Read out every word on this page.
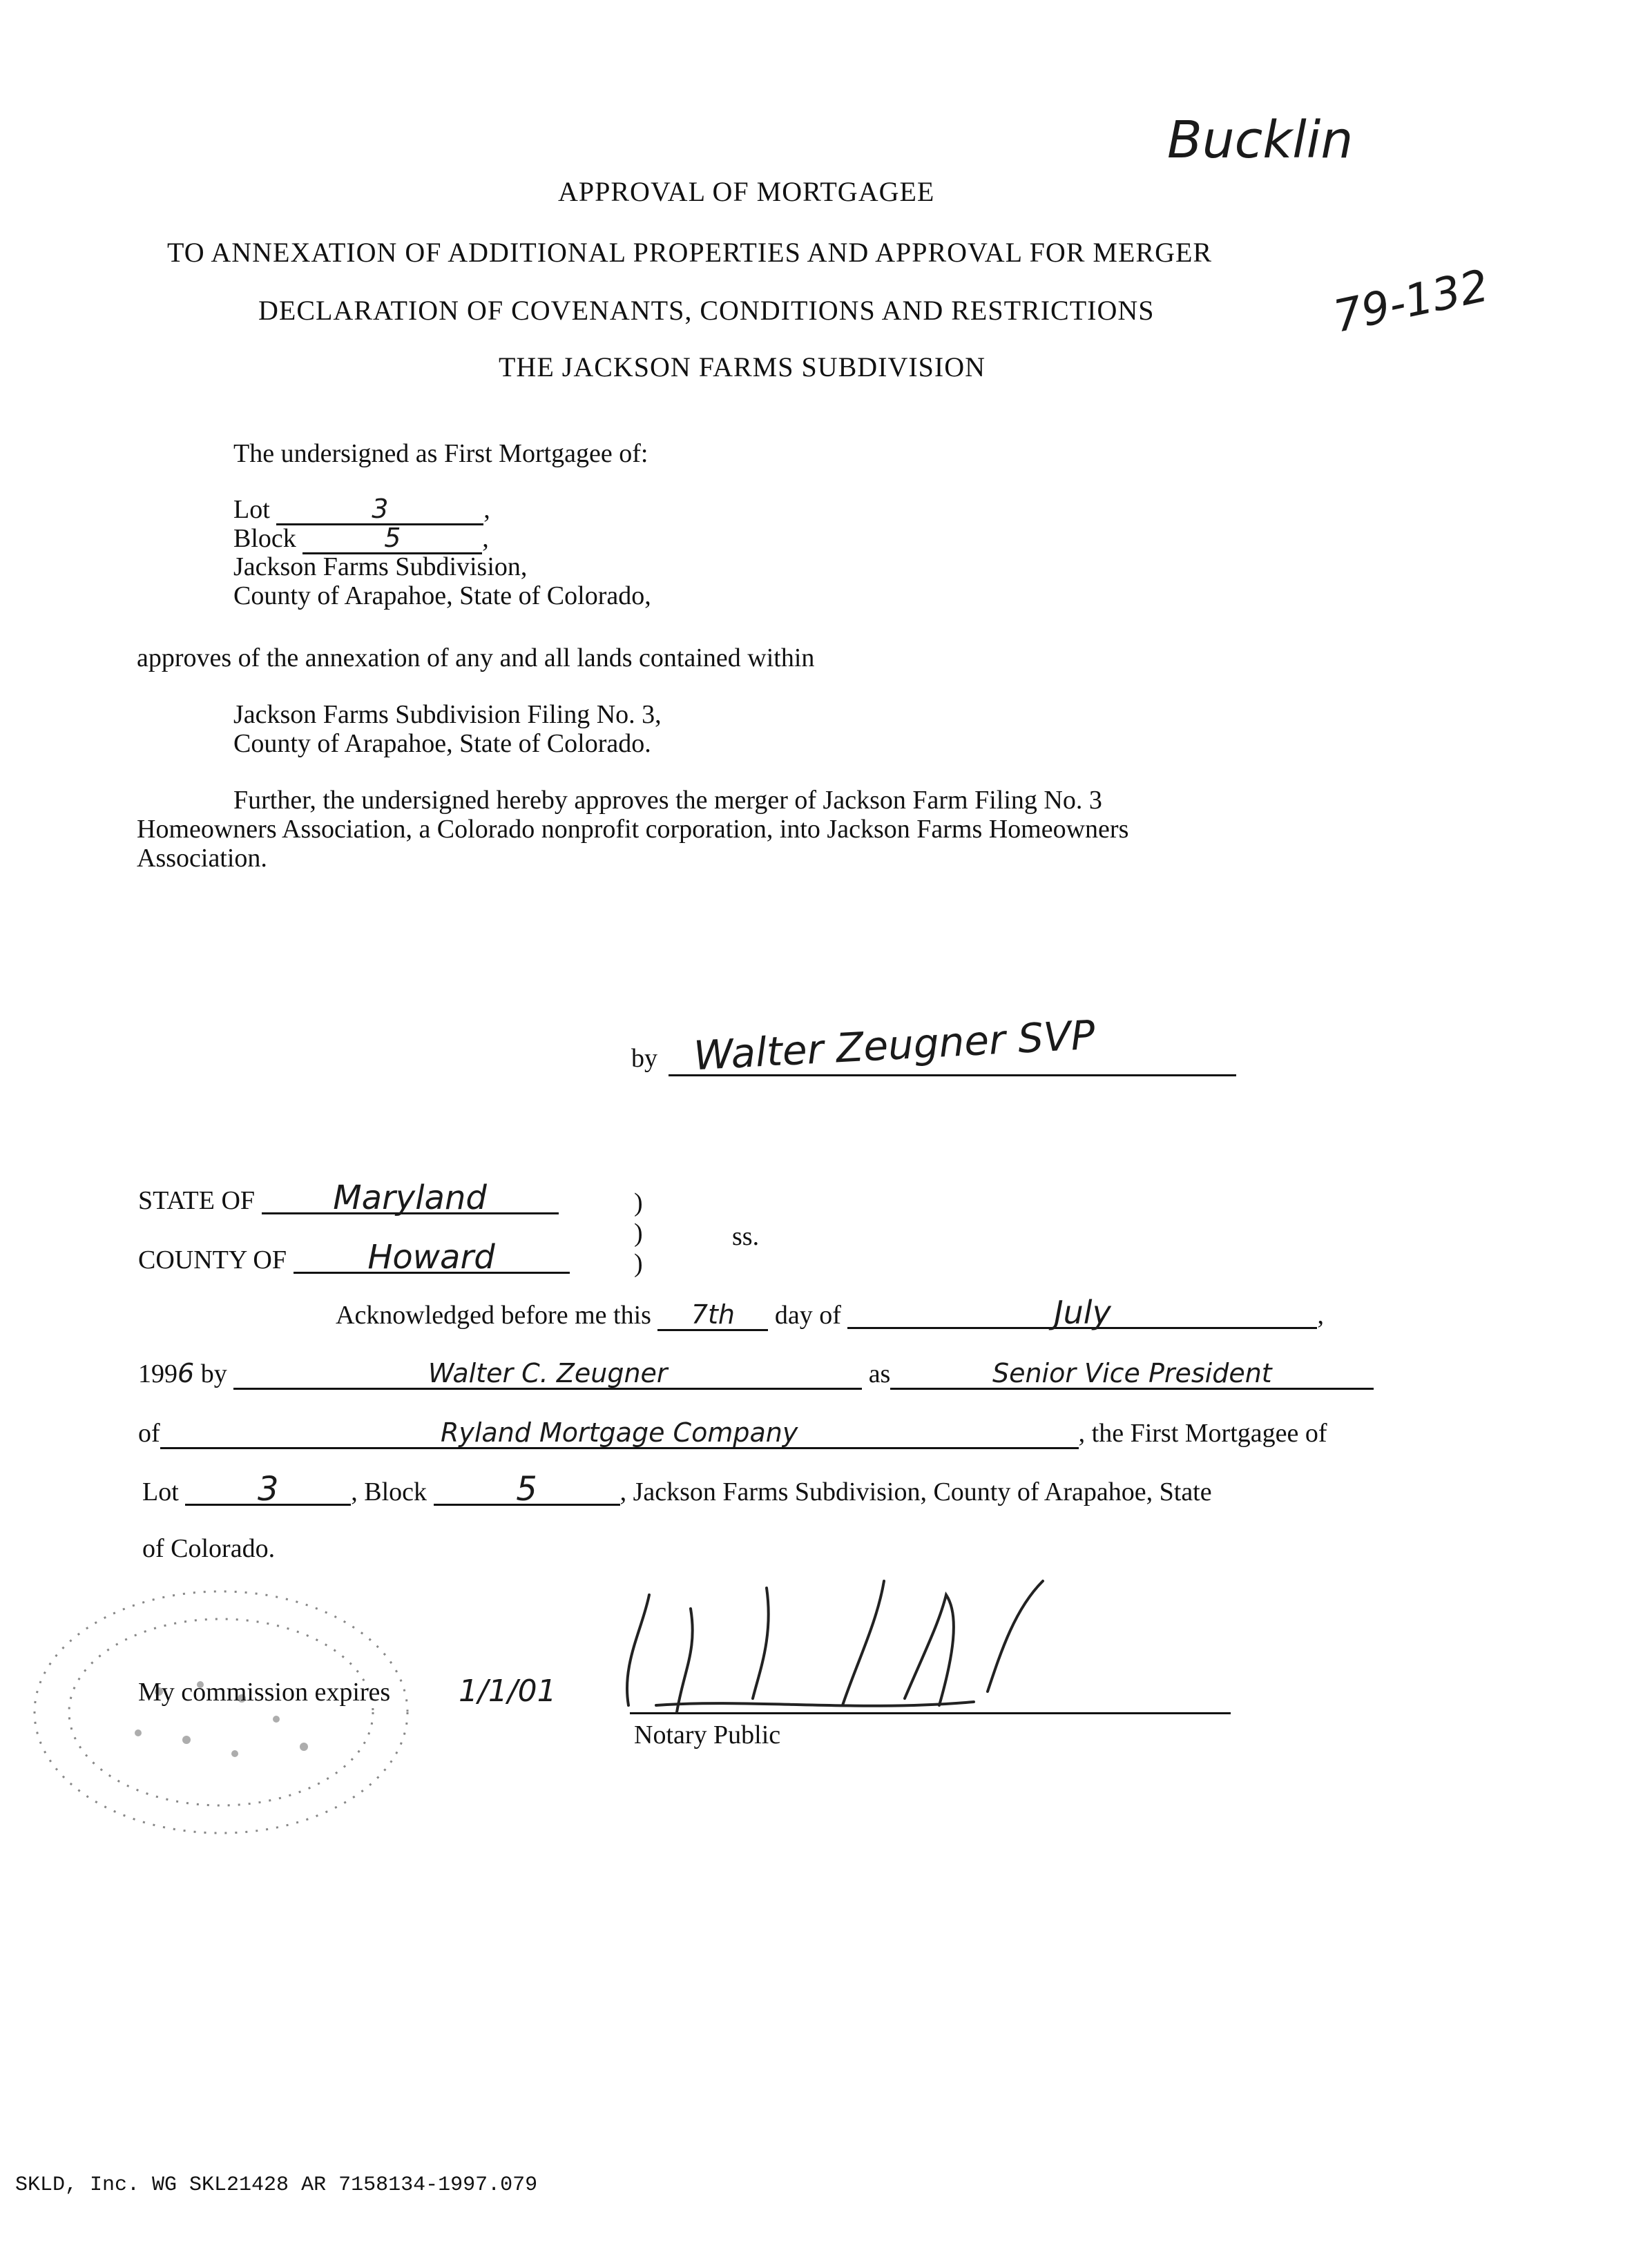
Bucklin
79-132
APPROVAL OF MORTGAGEE
TO ANNEXATION OF ADDITIONAL PROPERTIES AND APPROVAL FOR MERGER
DECLARATION OF COVENANTS, CONDITIONS AND RESTRICTIONS
THE JACKSON FARMS SUBDIVISION
The undersigned as First Mortgagee of:
Lot	3	,
Block	5	,
Jackson Farms Subdivision,
County of Arapahoe, State of Colorado,
approves of the annexation of any and all lands contained within
Jackson Farms Subdivision Filing No. 3,
County of Arapahoe, State of Colorado.
Further, the undersigned hereby approves the merger of Jackson Farm Filing No. 3
Homeowners Association, a Colorado nonprofit corporation, into Jackson Farms Homeowners
Association.
by Walter Zeugner SVP
STATE OF Maryland
COUNTY OF Howard
)
)
)
ss.
Acknowledged before me this 7th day of	July	,
1996 by	Walter C. Zeugner	as	Senior Vice President
of	Ryland Mortgage Company	, the First Mortgagee of
Lot 3	, Block	5	, Jackson Farms Subdivision, County of Arapahoe, State
of Colorado.
My commission expires 1/1/01
Notary Public
SKLD, Inc. WG SKL21428 AR 7158134-1997.079
